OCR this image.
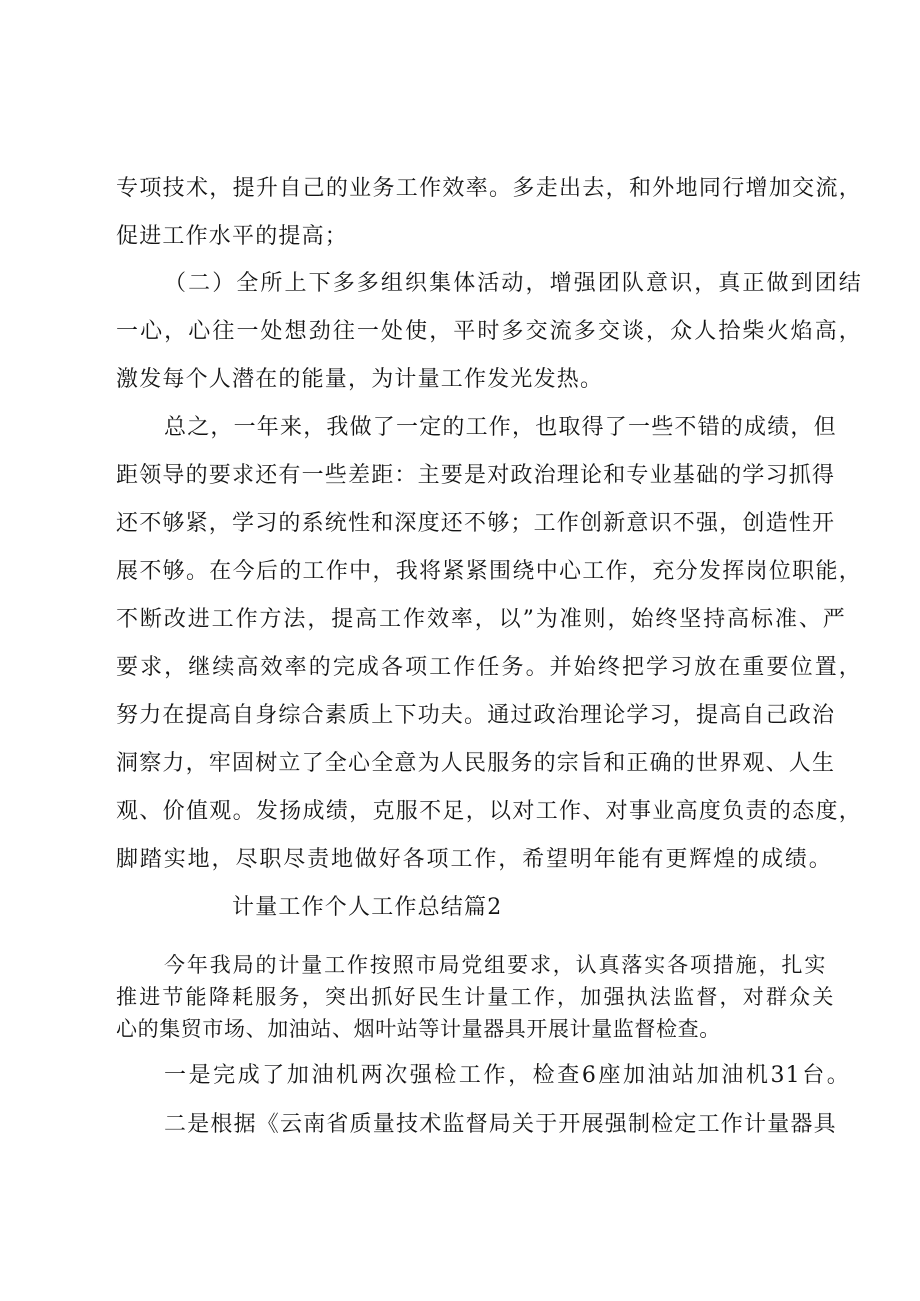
专项技术，提升自己的业务工作效率。多走出去，和外地同行增加交流，
促进工作水平的提高；
（二）全所上下多多组织集体活动，增强团队意识，真正做到团结
一心，心往一处想劲往一处使，平时多交流多交谈，众人拾柴火焰高，
激发每个人潜在的能量，为计量工作发光发热。
总之，一年来，我做了一定的工作，也取得了一些不错的成绩，但
距领导的要求还有一些差距：主要是对政治理论和专业基础的学习抓得
还不够紧，学习的系统性和深度还不够；工作创新意识不强，创造性开
展不够。在今后的工作中，我将紧紧围绕中心工作，充分发挥岗位职能，
不断改进工作方法，提高工作效率，以”为准则，始终坚持高标准、严
要求，继续高效率的完成各项工作任务。并始终把学习放在重要位置，
努力在提高自身综合素质上下功夫。通过政治理论学习，提高自己政治
洞察力，牢固树立了全心全意为人民服务的宗旨和正确的世界观、人生
观、价值观。发扬成绩，克服不足，以对工作、对事业高度负责的态度，
脚踏实地，尽职尽责地做好各项工作，希望明年能有更辉煌的成绩。
计量工作个人工作总结篇2
今年我局的计量工作按照市局党组要求，认真落实各项措施，扎实
推进节能降耗服务，突出抓好民生计量工作，加强执法监督，对群众关
心的集贸市场、加油站、烟叶站等计量器具开展计量监督检查。
一是完成了加油机两次强检工作，检查6座加油站加油机31台。
二是根据《云南省质量技术监督局关于开展强制检定工作计量器具
